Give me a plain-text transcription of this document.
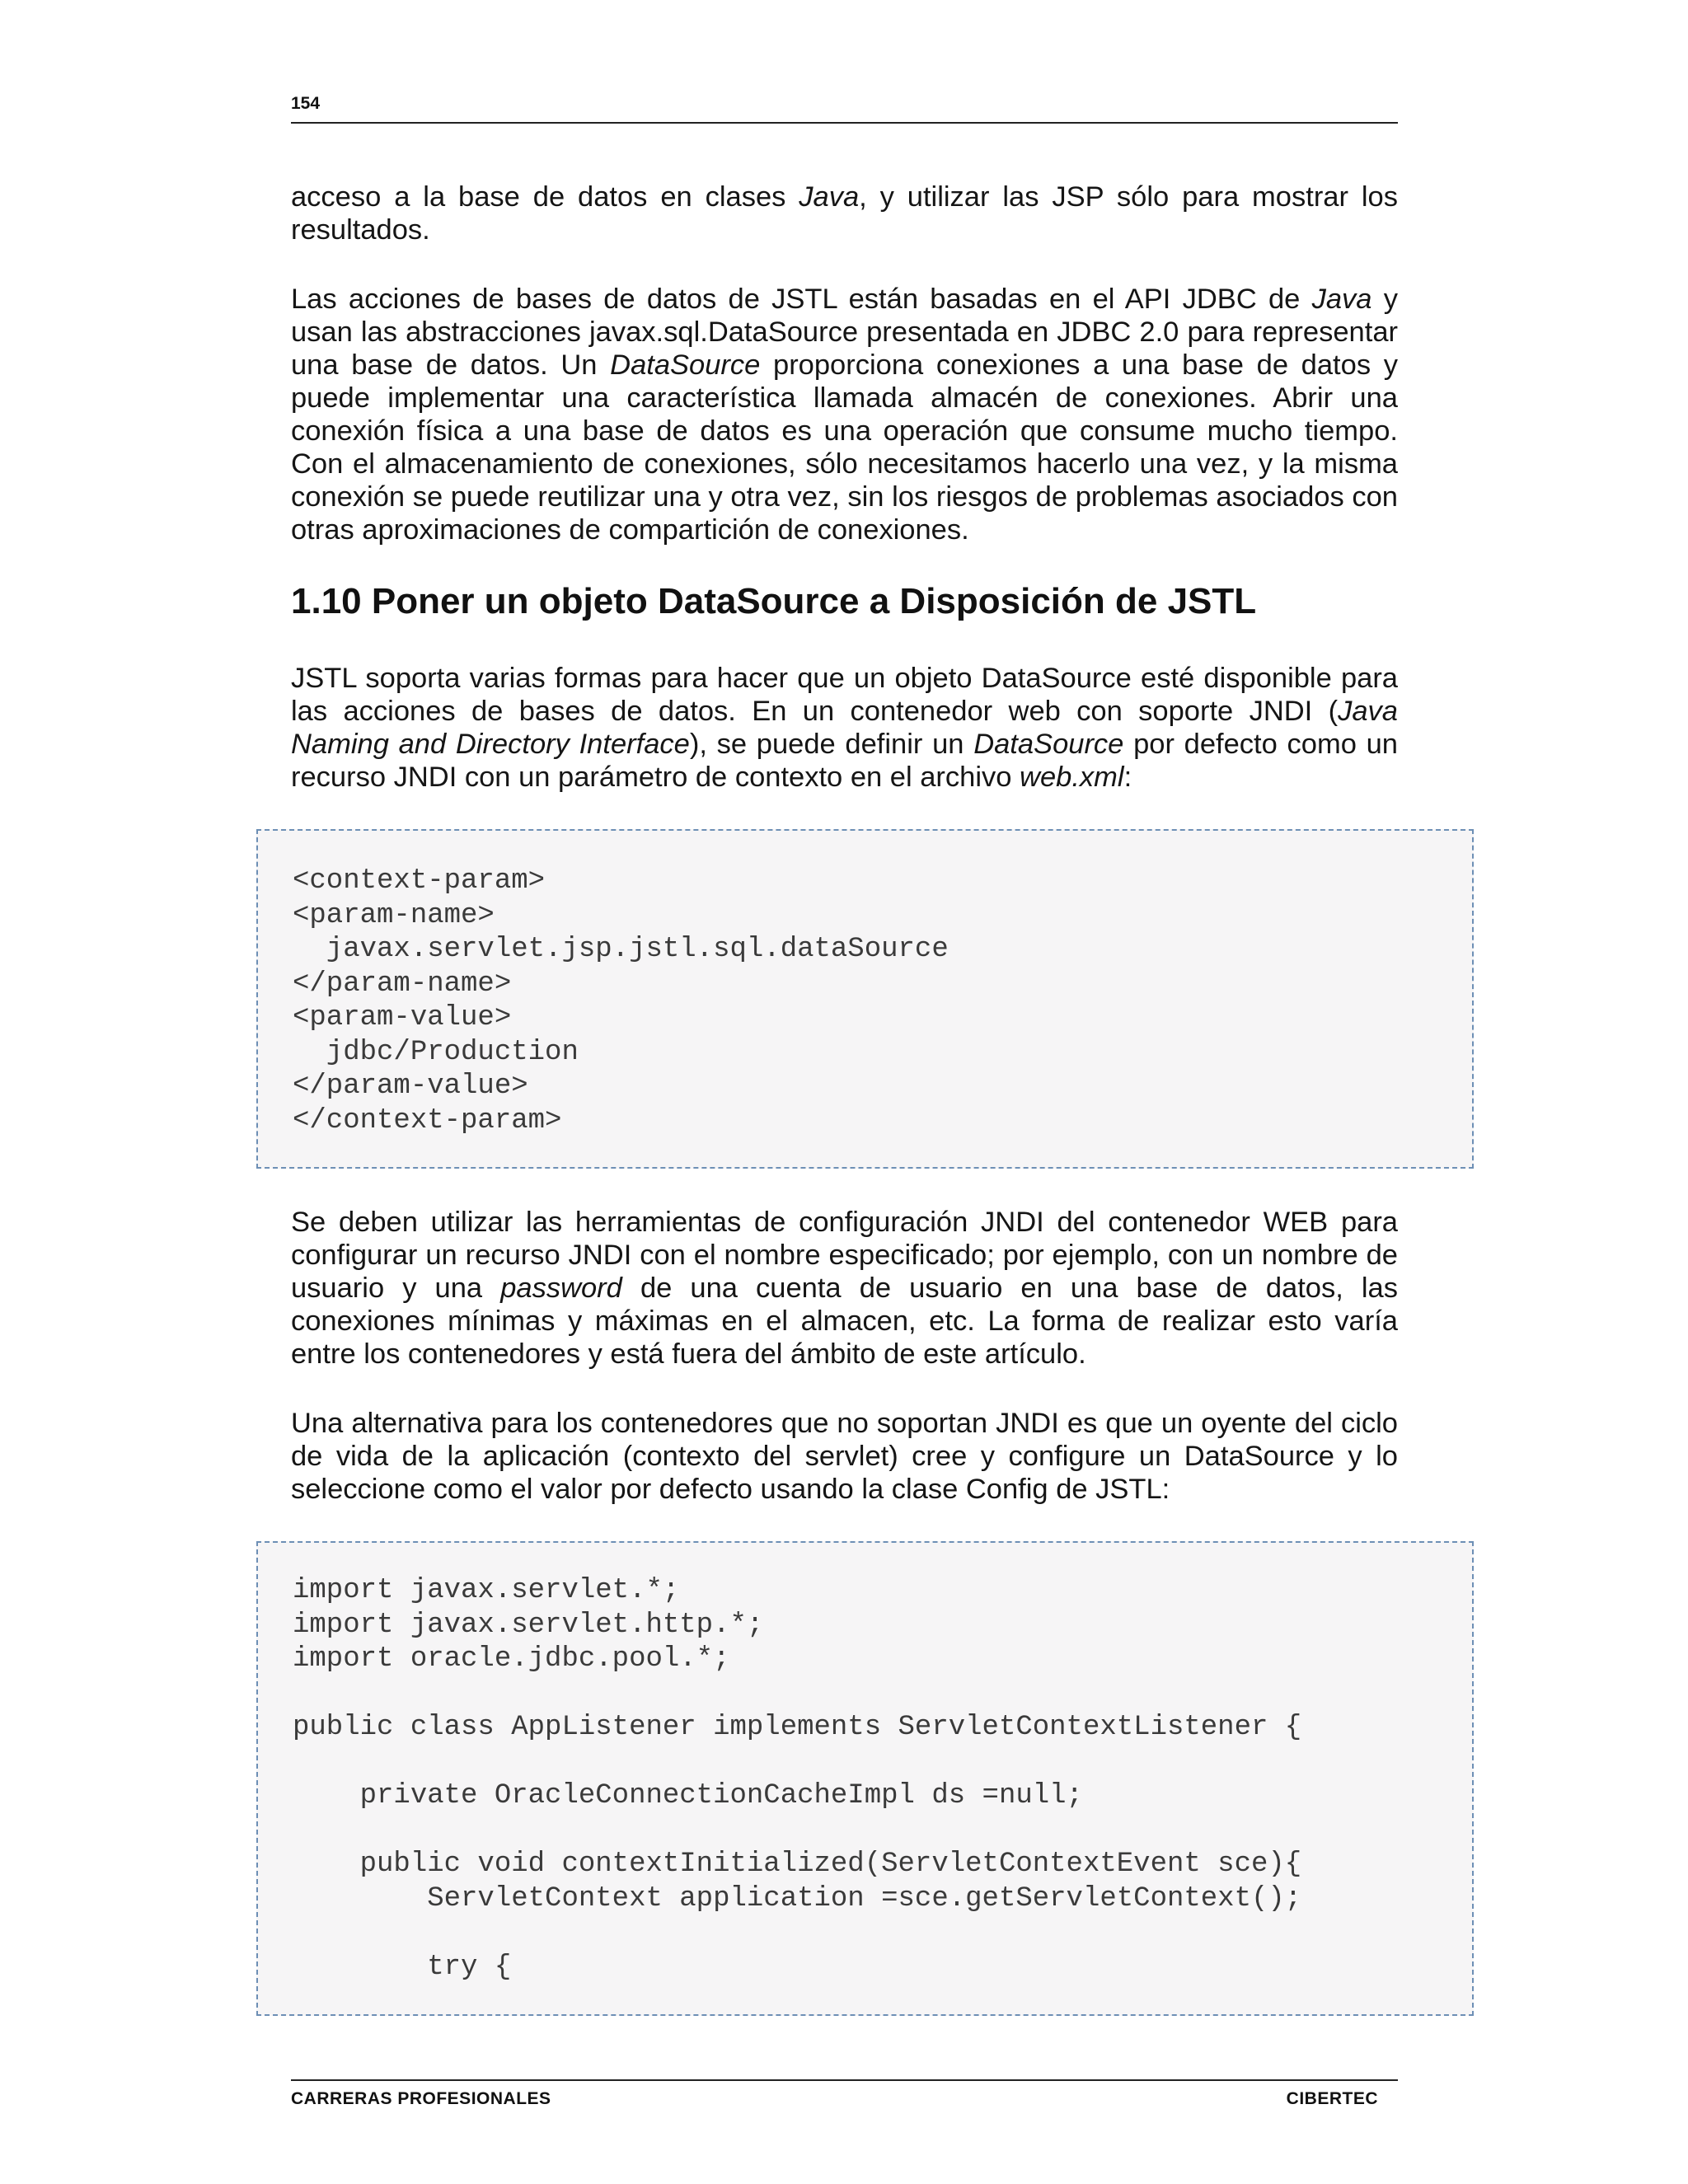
154

acceso a la base de datos en clases Java, y utilizar las JSP sólo para mostrar los resultados.

Las acciones de bases de datos de JSTL están basadas en el API JDBC de Java y usan las abstracciones javax.sql.DataSource presentada en JDBC 2.0 para representar una base de datos. Un DataSource proporciona conexiones a una base de datos y puede implementar una característica llamada almacén de conexiones. Abrir una conexión física a una base de datos es una operación que consume mucho tiempo. Con el almacenamiento de conexiones, sólo necesitamos hacerlo una vez, y la misma conexión se puede reutilizar una y otra vez, sin los riesgos de problemas asociados con otras aproximaciones de compartición de conexiones.

1.10 Poner un objeto DataSource a Disposición de JSTL

JSTL soporta varias formas para hacer que un objeto DataSource esté disponible para las acciones de bases de datos. En un contenedor web con soporte JNDI (Java Naming and Directory Interface), se puede definir un DataSource por defecto como un recurso JNDI con un parámetro de contexto en el archivo web.xml:

<context-param>
<param-name>
javax.servlet.jsp.jstl.sql.dataSource
</param-name>
<param-value>
jdbc/Production
</param-value>
</context-param>

Se deben utilizar las herramientas de configuración JNDI del contenedor WEB para configurar un recurso JNDI con el nombre especificado; por ejemplo, con un nombre de usuario y una password de una cuenta de usuario en una base de datos, las conexiones mínimas y máximas en el almacen, etc. La forma de realizar esto varía entre los contenedores y está fuera del ámbito de este artículo.

Una alternativa para los contenedores que no soportan JNDI es que un oyente del ciclo de vida de la aplicación (contexto del servlet) cree y configure un DataSource y lo seleccione como el valor por defecto usando la clase Config de JSTL:

import javax.servlet.*;
import javax.servlet.http.*;
import oracle.jdbc.pool.*;

public class AppListener implements ServletContextListener {

private OracleConnectionCacheImpl ds =null;

public void contextInitialized(ServletContextEvent sce){
ServletContext application =sce.getServletContext();

try {
CARRERAS PROFESIONALES	CIBERTEC
